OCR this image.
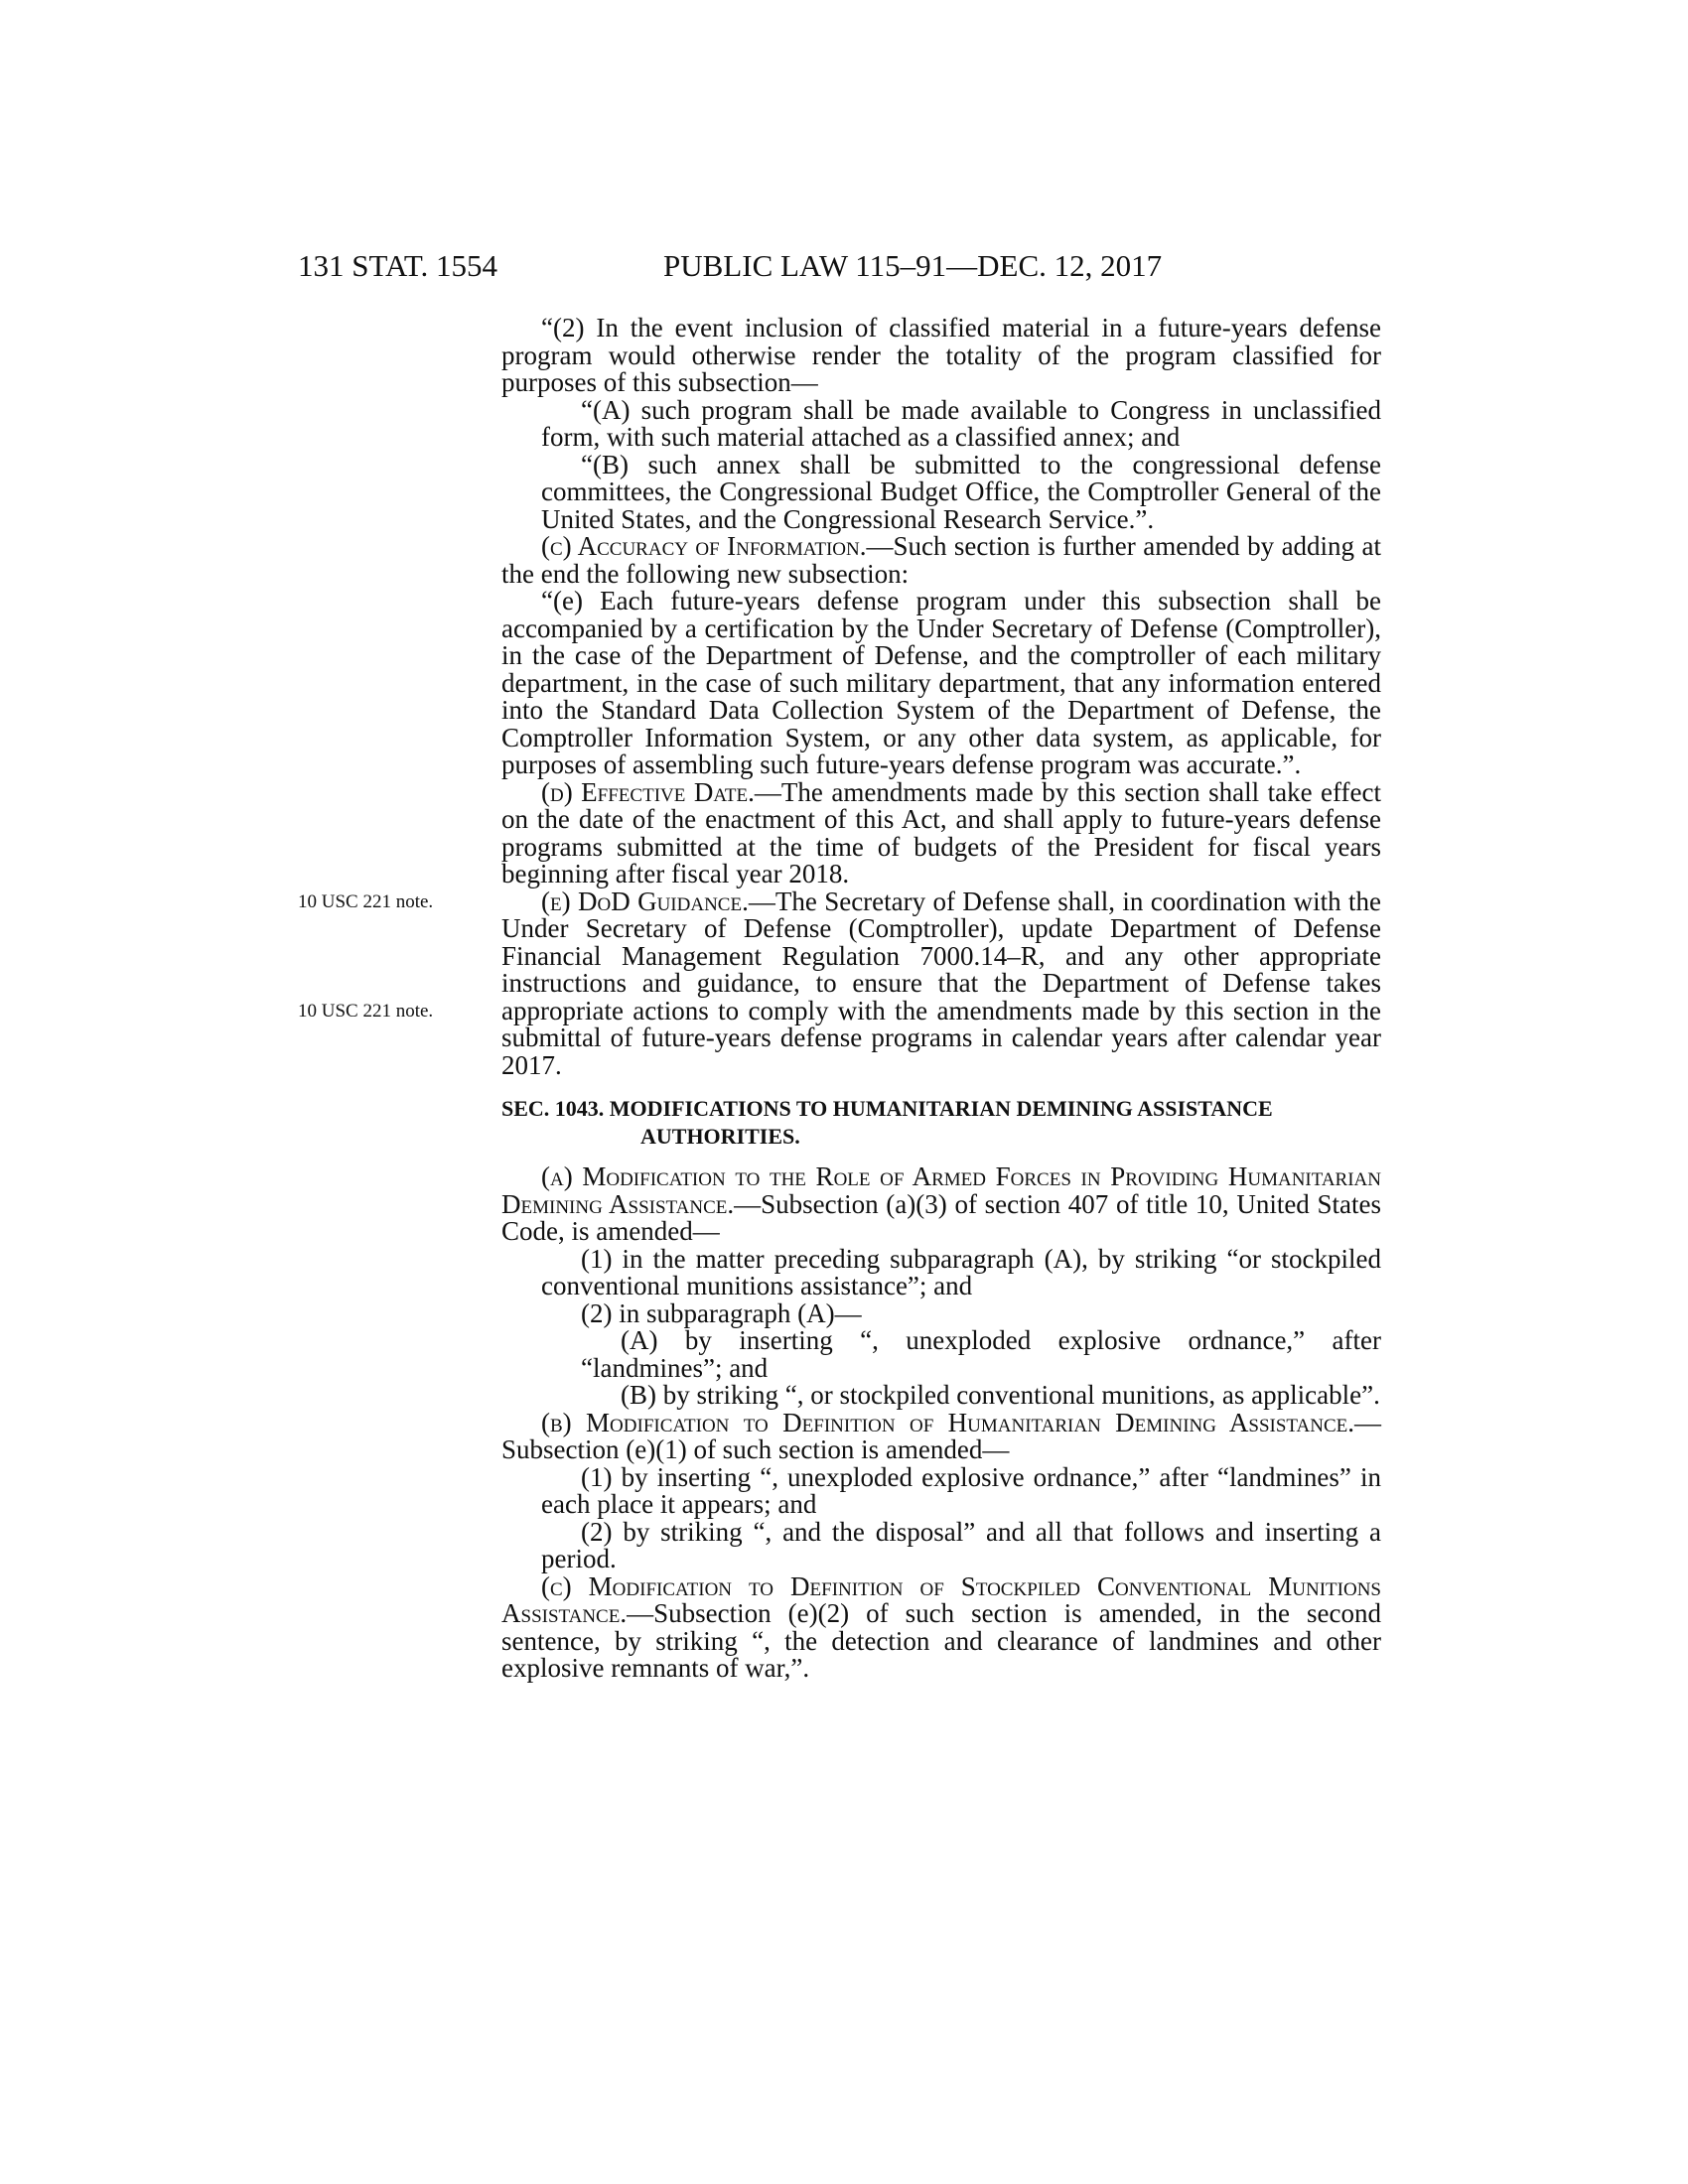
131 STAT. 1554	PUBLIC LAW 115–91—DEC. 12, 2017
10 USC 221 note.
10 USC 221 note.

“(2) In the event inclusion of classified material in a future-years defense program would otherwise render the totality of the program classified for purposes of this subsection—

“(A) such program shall be made available to Congress in unclassified form, with such material attached as a classified annex; and

“(B) such annex shall be submitted to the congressional defense committees, the Congressional Budget Office, the Comptroller General of the United States, and the Congressional Research Service.”.

(c) Accuracy of Information.—Such section is further amended by adding at the end the following new subsection:

“(e) Each future-years defense program under this subsection shall be accompanied by a certification by the Under Secretary of Defense (Comptroller), in the case of the Department of Defense, and the comptroller of each military department, in the case of such military department, that any information entered into the Standard Data Collection System of the Department of Defense, the Comptroller Information System, or any other data system, as applicable, for purposes of assembling such future-years defense program was accurate.”.

(d) Effective Date.—The amendments made by this section shall take effect on the date of the enactment of this Act, and shall apply to future-years defense programs submitted at the time of budgets of the President for fiscal years beginning after fiscal year 2018.

(e) DoD Guidance.—The Secretary of Defense shall, in coordination with the Under Secretary of Defense (Comptroller), update Department of Defense Financial Management Regulation 7000.14–R, and any other appropriate instructions and guidance, to ensure that the Department of Defense takes appropriate actions to comply with the amendments made by this section in the submittal of future-years defense programs in calendar years after calendar year 2017.

SEC. 1043. MODIFICATIONS TO HUMANITARIAN DEMINING ASSISTANCE AUTHORITIES.

(a) Modification to the Role of Armed Forces in Providing Humanitarian Demining Assistance.—Subsection (a)(3) of section 407 of title 10, United States Code, is amended—

(1) in the matter preceding subparagraph (A), by striking “or stockpiled conventional munitions assistance”; and

(2) in subparagraph (A)—

(A) by inserting “, unexploded explosive ordnance,” after “landmines”; and

(B) by striking “, or stockpiled conventional munitions, as applicable”.

(b) Modification to Definition of Humanitarian Demining Assistance.—Subsection (e)(1) of such section is amended—

(1) by inserting “, unexploded explosive ordnance,” after “landmines” in each place it appears; and

(2) by striking “, and the disposal” and all that follows and inserting a period.

(c) Modification to Definition of Stockpiled Conventional Munitions Assistance.—Subsection (e)(2) of such section is amended, in the second sentence, by striking “, the detection and clearance of landmines and other explosive remnants of war,”.
